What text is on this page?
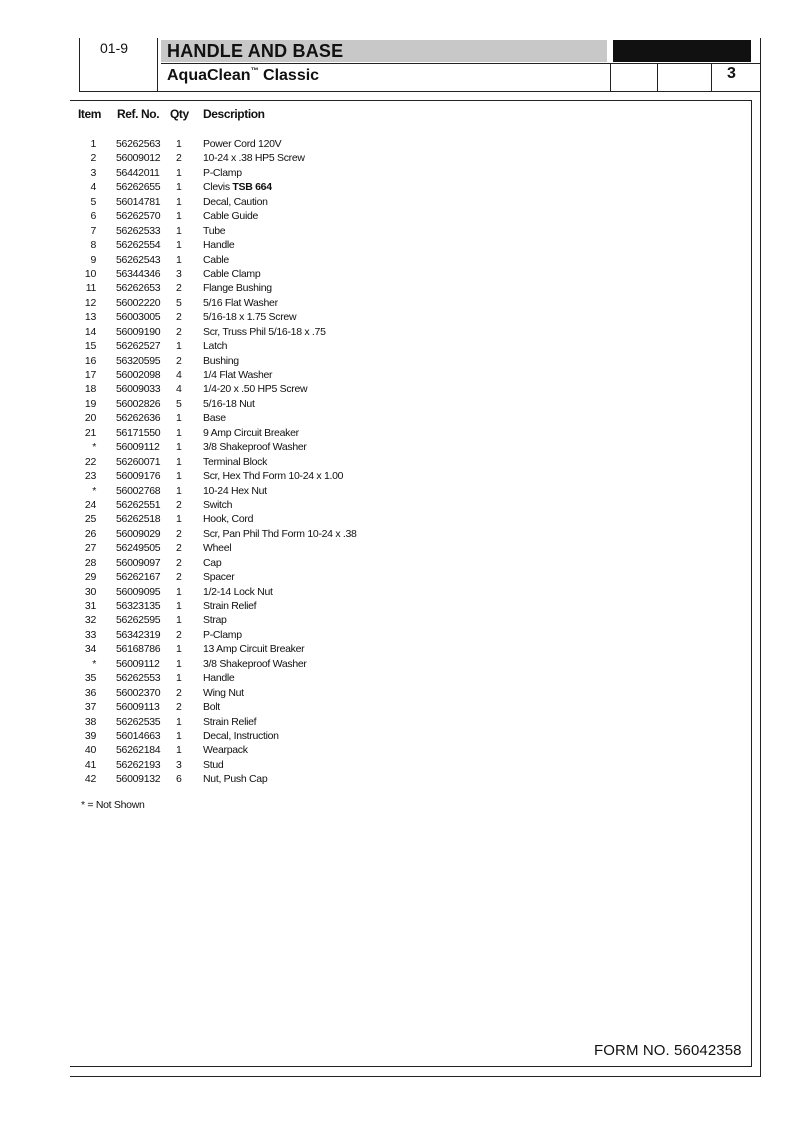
01-9 HANDLE AND BASE
AquaClean™ Classic	3
Item Ref. No. Qty Description
1 56262563 1 Power Cord 120V
2 56009012 2 10-24 x .38 HP5 Screw
3 56442011 1 P-Clamp
4 56262655 1 Clevis TSB 664
5 56014781 1 Decal, Caution
6 56262570 1 Cable Guide
7 56262533 1 Tube
8 56262554 1 Handle
9 56262543 1 Cable
10 56344346 3 Cable Clamp
11 56262653 2 Flange Bushing
12 56002220 5 5/16 Flat Washer
13 56003005 2 5/16-18 x 1.75 Screw
14 56009190 2 Scr, Truss Phil 5/16-18 x .75
15 56262527 1 Latch
16 56320595 2 Bushing
17 56002098 4 1/4 Flat Washer
18 56009033 4 1/4-20 x .50 HP5 Screw
19 56002826 5 5/16-18 Nut
20 56262636 1 Base
21 56171550 1 9 Amp Circuit Breaker
* 56009112 1 3/8 Shakeproof Washer
22 56260071 1 Terminal Block
23 56009176 1 Scr, Hex Thd Form 10-24 x 1.00
* 56002768 1 10-24 Hex Nut
24 56262551 2 Switch
25 56262518 1 Hook, Cord
26 56009029 2 Scr, Pan Phil Thd Form 10-24 x .38
27 56249505 2 Wheel
28 56009097 2 Cap
29 56262167 2 Spacer
30 56009095 1 1/2-14 Lock Nut
31 56323135 1 Strain Relief
32 56262595 1 Strap
33 56342319 2 P-Clamp
34 56168786 1 13 Amp Circuit Breaker
* 56009112 1 3/8 Shakeproof Washer
35 56262553 1 Handle
36 56002370 2 Wing Nut
37 56009113 2 Bolt
38 56262535 1 Strain Relief
39 56014663 1 Decal, Instruction
40 56262184 1 Wearpack
41 56262193 3 Stud
42 56009132 6 Nut, Push Cap
* = Not Shown
FORM NO. 56042358
